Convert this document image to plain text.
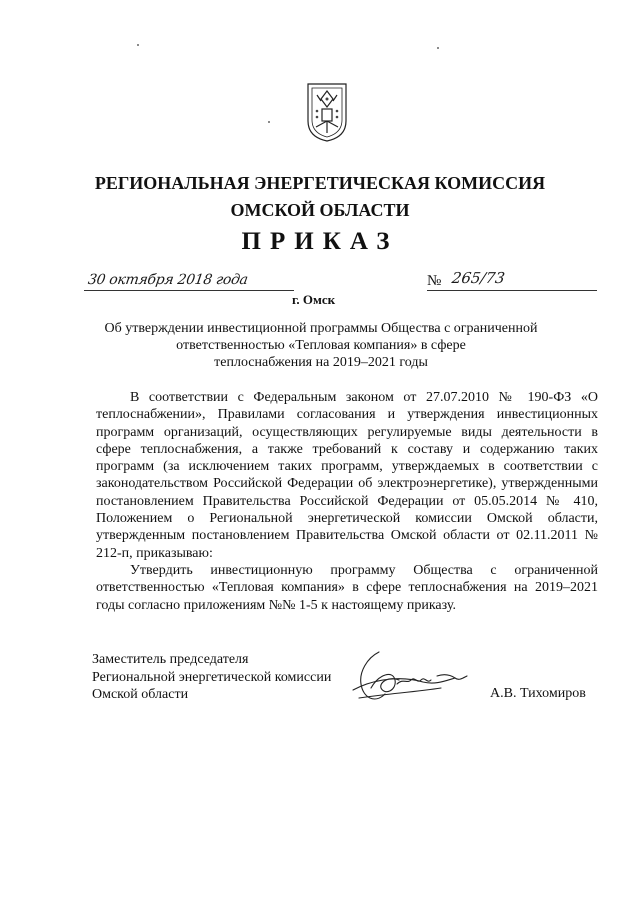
РЕГИОНАЛЬНАЯ ЭНЕРГЕТИЧЕСКАЯ КОМИССИЯ
ОМСКОЙ ОБЛАСТИ
ПРИКАЗ
30 октября 2018 года	№ 265/73
г. Омск
Об утверждении инвестиционной программы Общества с ограниченной
ответственностью «Тепловая компания» в сфере
теплоснабжения на 2019–2021 годы

В соответствии с Федеральным законом от 27.07.2010 № 190-ФЗ «О теплоснабжении», Правилами согласования и утверждения инвестиционных программ организаций, осуществляющих регулируемые виды деятельности в сфере теплоснабжения, а также требований к составу и содержанию таких программ (за исключением таких программ, утверждаемых в соответствии с законодательством Российской Федерации об электроэнергетике), утвержденными постановлением Правительства Российской Федерации от 05.05.2014 № 410, Положением о Региональной энергетической комиссии Омской области, утвержденным постановлением Правительства Омской области от 02.11.2011 № 212-п, приказываю:

Утвердить инвестиционную программу Общества с ограниченной ответственностью «Тепловая компания» в сфере теплоснабжения на 2019–2021 годы согласно приложениям №№ 1-5 к настоящему приказу.

Заместитель председателя
Региональной энергетической комиссии
Омской области	А.В. Тихомиров
